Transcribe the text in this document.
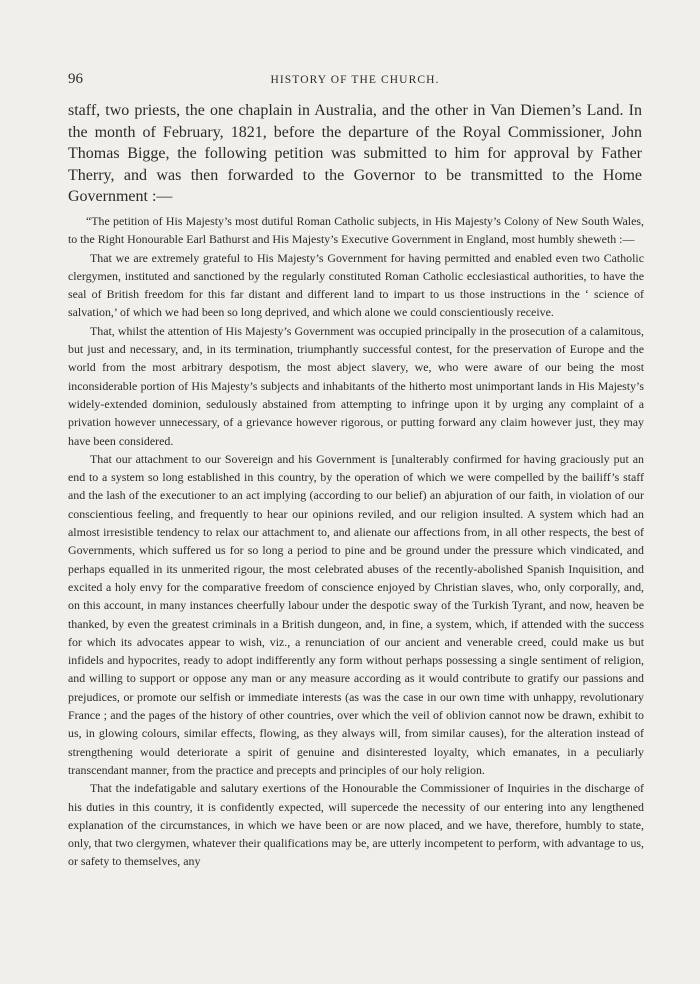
96	HISTORY OF THE CHURCH.

staff, two priests, the one chaplain in Australia, and the other in Van Diemen’s Land. In the month of February, 1821, before the departure of the Royal Commissioner, John Thomas Bigge, the following petition was submitted to him for approval by Father Therry, and was then forwarded to the Governor to be transmitted to the Home Government :—

“The petition of His Majesty’s most dutiful Roman Catholic subjects, in His Majesty’s Colony of New South Wales, to the Right Honourable Earl Bathurst and His Majesty’s Executive Government in England, most humbly sheweth :—

That we are extremely grateful to His Majesty’s Government for having permitted and enabled even two Catholic clergymen, instituted and sanctioned by the regularly constituted Roman Catholic ecclesiastical authorities, to have the seal of British freedom for this far distant and different land to impart to us those instructions in the ‘ science of salvation,’ of which we had been so long deprived, and which alone we could conscientiously receive.

That, whilst the attention of His Majesty’s Government was occupied principally in the prosecution of a calamitous, but just and necessary, and, in its termination, triumphantly successful contest, for the preservation of Europe and the world from the most arbitrary despotism, the most abject slavery, we, who were aware of our being the most inconsiderable portion of His Majesty’s subjects and inhabitants of the hitherto most unimportant lands in His Majesty’s widely-extended dominion, sedulously abstained from attempting to infringe upon it by urging any complaint of a privation however unnecessary, of a grievance however rigorous, or putting forward any claim however just, they may have been considered.

That our attachment to our Sovereign and his Government is [unalterably confirmed for having graciously put an end to a system so long established in this country, by the operation of which we were compelled by the bailiff’s staff and the lash of the executioner to an act implying (according to our belief) an abjuration of our faith, in violation of our conscientious feeling, and frequently to hear our opinions reviled, and our religion insulted. A system which had an almost irresistible tendency to relax our attachment to, and alienate our affections from, in all other respects, the best of Governments, which suffered us for so long a period to pine and be ground under the pressure which vindicated, and perhaps equalled in its unmerited rigour, the most celebrated abuses of the recently-abolished Spanish Inquisition, and excited a holy envy for the comparative freedom of conscience enjoyed by Christian slaves, who, only corporally, and, on this account, in many instances cheerfully labour under the despotic sway of the Turkish Tyrant, and now, heaven be thanked, by even the greatest criminals in a British dungeon, and, in fine, a system, which, if attended with the success for which its advocates appear to wish, viz., a renunciation of our ancient and venerable creed, could make us but infidels and hypocrites, ready to adopt indifferently any form without perhaps possessing a single sentiment of religion, and willing to support or oppose any man or any measure according as it would contribute to gratify our passions and prejudices, or promote our selfish or immediate interests (as was the case in our own time with unhappy, revolutionary France ; and the pages of the history of other countries, over which the veil of oblivion cannot now be drawn, exhibit to us, in glowing colours, similar effects, flowing, as they always will, from similar causes), for the alteration instead of strengthening would deteriorate a spirit of genuine and disinterested loyalty, which emanates, in a peculiarly transcendant manner, from the practice and precepts and principles of our holy religion.

That the indefatigable and salutary exertions of the Honourable the Commissioner of Inquiries in the discharge of his duties in this country, it is confidently expected, will supercede the necessity of our entering into any lengthened explanation of the circumstances, in which we have been or are now placed, and we have, therefore, humbly to state, only, that two clergymen, whatever their qualifications may be, are utterly incompetent to perform, with advantage to us, or safety to themselves, any
